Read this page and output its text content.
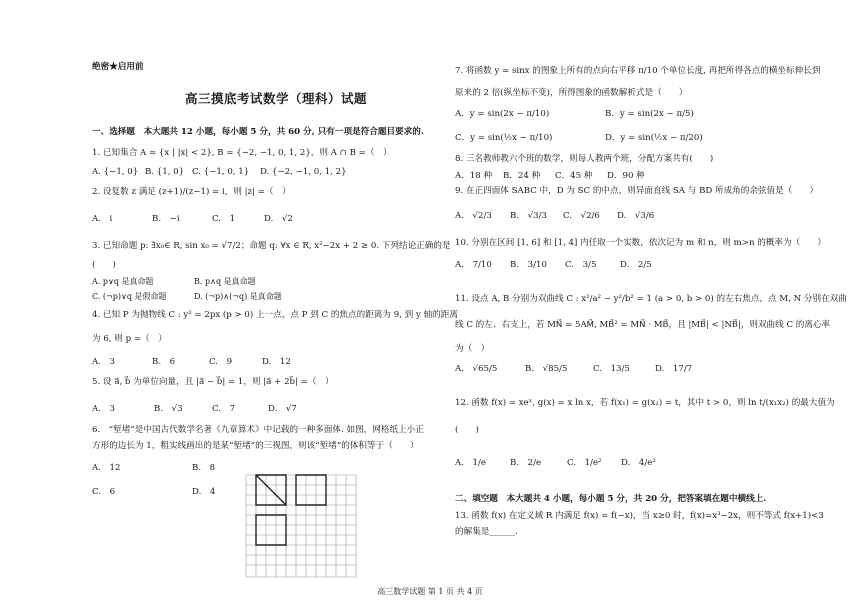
绝密★启用前
高三摸底考试数学（理科）试题
一、选择题　本大题共 12 小题，每小题 5 分，共 60 分, 只有一项是符合题目要求的.
1. 已知集合 A = {x | |x| < 2}, B = {−2, −1, 0, 1, 2}，则 A ∩ B =（　）
A. {−1, 0} B. {1, 0} C. {−1, 0, 1} D. {−2, −1, 0, 1, 2}
2. 设复数 z 满足 (z+1)/(z−1) = i，则 |z| =（　）
A.　i	B.　−i	C.　1	D.　√2
3. 已知命题 p: ∃x₀∈ R, sin x₀ = √7/2；命题 q: ∀x ∈ R, x²−2x + 2 ≥ 0. 下列结论正确的是
(　　)
A. p∨q 是真命题	B. p∧q 是真命题
C. (¬p)∨q 是假命题	D. (¬p)∧(¬q) 是真命题
4. 已知 P 为抛物线 C : y² = 2px (p > 0) 上一点，点 P 到 C 的焦点的距离为 9, 到 y 轴的距离
为 6, 则 p =（　）
A.　3	B.　6	C.　9	D.　12
5. 设 a⃗, b⃗ 为单位向量，且 |a⃗ − b⃗| = 1，则 |a⃗ + 2b⃗| =（　）
A.　3	B.　√3	C.　7	D.　√7
6.　“堑堵”是中国古代数学名著《九章算术》中记载的一种多面体. 如图，网格纸上小正
方形的边长为 1，粗实线画出的是某“堑堵”的三视图，则该“堑堵”的体积等于（　　）
A.　12	B.　8
C.　6	D.　4
7. 将函数 y = sinx 的图象上所有的点向右平移 π/10 个单位长度, 再把所得各点的横坐标伸长到
原来的 2 倍(纵坐标不变)，所得图象的函数解析式是（　　）
A．y = sin(2x − π/10)	B．y = sin(2x − π/5)
C．y = sin(½x − π/10)	D．y = sin(½x − π/20)
8. 三名教师教六个班的数学，则每人教两个班，分配方案共有(　　)
A．18 种 B．24 种 C．45 种 D．90 种
9. 在正四面体 SABC 中，D 为 SC 的中点，则异面直线 SA 与 BD 所成角的余弦值是（　　）
A.　√2/3 B.　√3/3 C.　√2/6 D.　√3/6
10. 分别在区间 [1, 6] 和 [1, 4] 内任取一个实数，依次记为 m 和 n，则 m>n 的概率为（　　）
A.　7/10 B.　3/10 C.　3/5	D.　2/5
11. 设点 A, B 分别为双曲线 C : x²/a² − y²/b² = 1 (a > 0, b > 0) 的左右焦点，点 M, N 分别在双曲
线 C 的左、右支上，若 MN⃗ = 5AM⃗, MB⃗² = MN⃗ · MB⃗，且 |MB⃗| < |NB⃗|，则双曲线 C 的离心率
为（　）
A.　√65/5	B.　√85/5	C.　13/5	D.　17/7
12. 函数 f(x) = xeˣ, g(x) = x ln x，若 f(x₁) = g(x₂) = t，其中 t > 0，则 ln t/(x₁x₂) 的最大值为
(　　)
A.　1/e	B.　2/e	C.　1/e² D.　4/e²
二、填空题　本大题共 4 小题，每小题 5 分，共 20 分，把答案填在题中横线上.
13. 函数 f(x) 在定义域 R 内满足 f(x) = f(−x)，当 x≥0 时，f(x)=x³−2x，则不等式 f(x+1)<3
的解集是______.
高三数学试题 第 1 页 共 4 页
